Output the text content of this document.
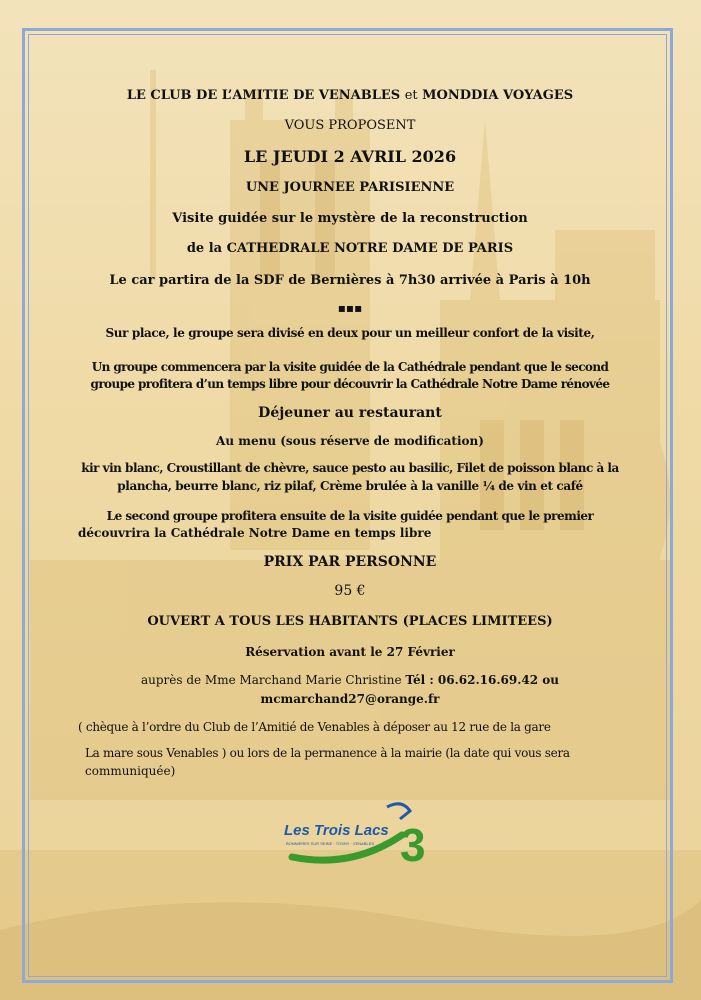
LE CLUB DE L’AMITIE DE VENABLES et MONDDIA VOYAGES
VOUS PROPOSENT
LE JEUDI 2 AVRIL 2026
UNE JOURNEE PARISIENNE
Visite guidée sur le mystère de la reconstruction
de la CATHEDRALE NOTRE DAME DE PARIS
Le car partira de la SDF de Bernières à 7h30 arrivée à Paris à 10h
▪▪▪
Sur place, le groupe sera divisé en deux pour un meilleur confort de la visite,
Un groupe commencera par la visite guidée de la Cathédrale pendant que le second
groupe profitera d’un temps libre pour découvrir la Cathédrale Notre Dame rénovée
Déjeuner au restaurant
Au menu (sous réserve de modification)
kir vin blanc, Croustillant de chèvre, sauce pesto au basilic, Filet de poisson blanc à la
plancha, beurre blanc, riz pilaf, Crème brulée à la vanille ¼ de vin et café
Le second groupe profitera ensuite de la visite guidée pendant que le premier
découvrira la Cathédrale Notre Dame en temps libre
PRIX PAR PERSONNE
95 €
OUVERT A TOUS LES HABITANTS (PLACES LIMITEES)
Réservation avant le 27 Février
auprès de Mme Marchand Marie Christine Tél : 06.62.16.69.42 ou
mcmarchand27@orange.fr
( chèque à l’ordre du Club de l’Amitié de Venables à déposer au 12 rue de la gare
La mare sous Venables ) ou lors de la permanence à la mairie (la date qui vous sera
communiquée)
3
Les Trois Lacs
BONNIERES SUR SEINE · TOSNY · VENABLES
